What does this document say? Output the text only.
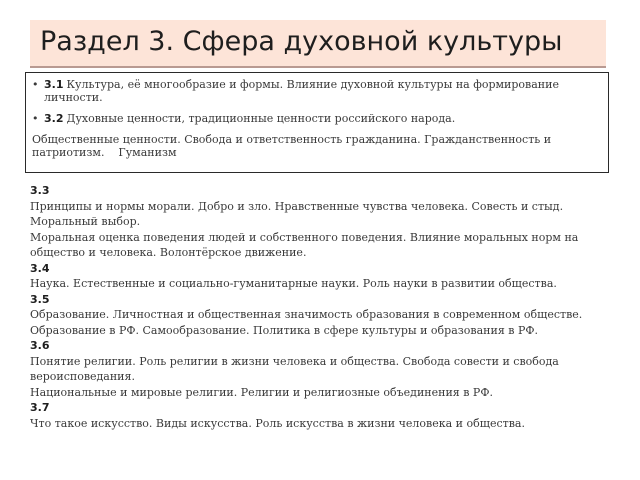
Раздел 3. Сфера духовной культуры
• 3.1 Культура, её многообразие и формы. Влияние духовной культуры на формирование личности.
• 3.2 Духовные ценности, традиционные ценности российского народа.
Общественные ценности. Свобода и ответственность гражданина. Гражданственность и патриотизм.    Гуманизм
3.3
Принципы и нормы морали. Добро и зло. Нравственные чувства человека. Совесть и стыд. Моральный выбор.
Моральная оценка поведения людей и собственного поведения. Влияние моральных норм на общество и человека. Волонтёрское движение.
3.4
Наука. Естественные и социально-гуманитарные науки. Роль науки в развитии общества.
3.5
Образование. Личностная и общественная значимость образования в современном обществе.
Образование в РФ. Самообразование. Политика в сфере культуры и образования в РФ.
3.6
Понятие религии. Роль религии в жизни человека и общества. Свобода совести и свобода вероисповедания.
Национальные и мировые религии. Религии и религиозные объединения в РФ.
3.7
Что такое искусство. Виды искусства. Роль искусства в жизни человека и общества.
